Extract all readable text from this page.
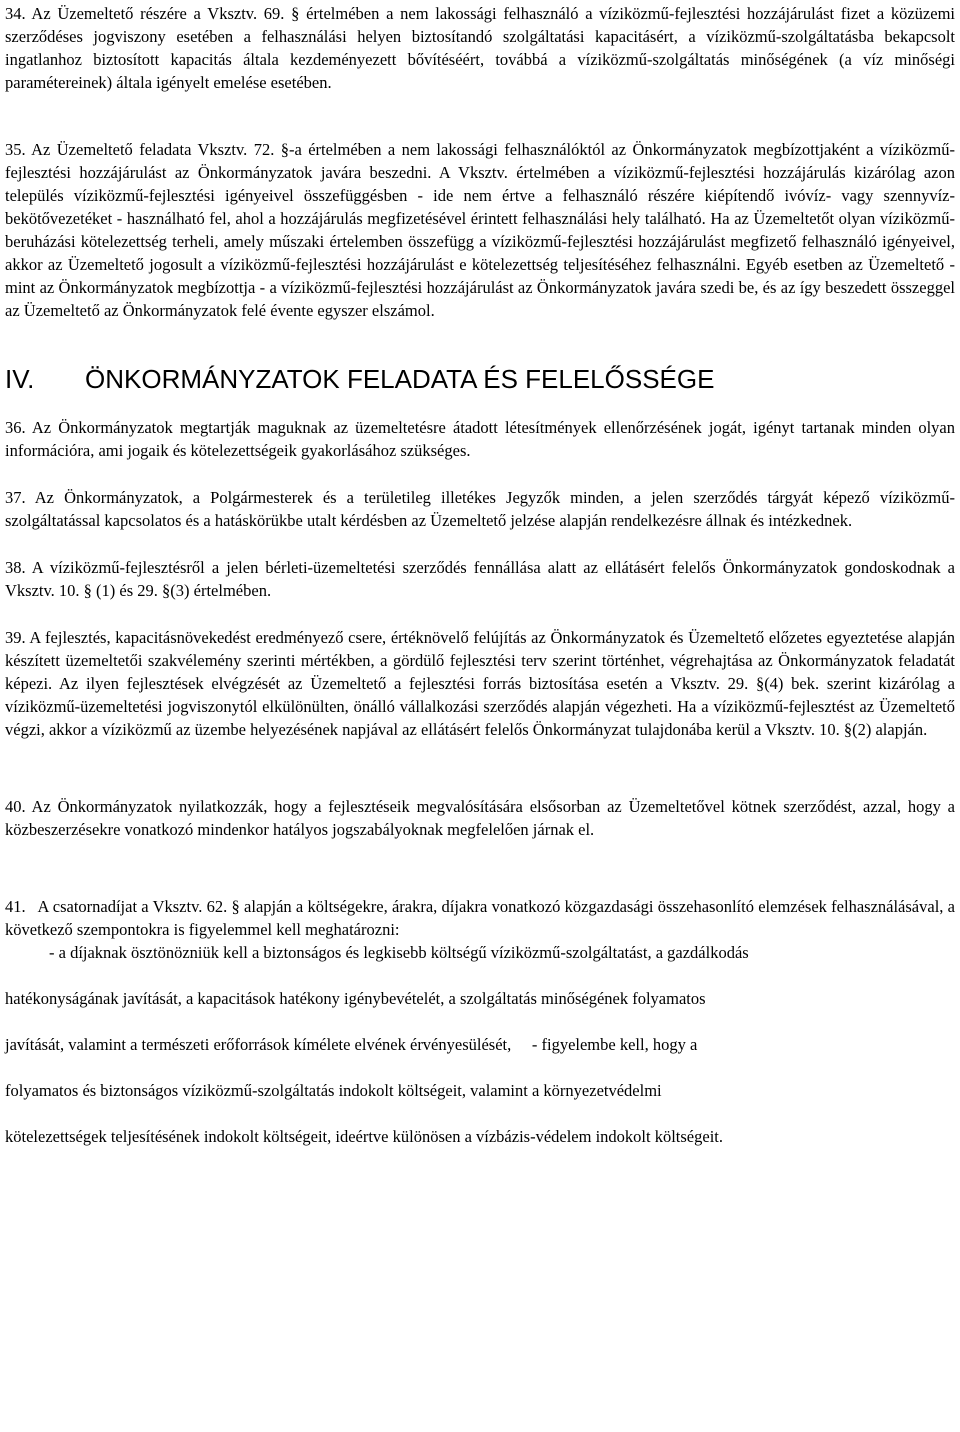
34. Az Üzemeltető részére a Vksztv. 69. § értelmében a nem lakossági felhasználó a víziközmű-fejlesztési hozzájárulást fizet a közüzemi szerződéses jogviszony esetében a felhasználási helyen biztosítandó szolgáltatási kapacitásért, a víziközmű-szolgáltatásba bekapcsolt ingatlanhoz biztosított kapacitás általa kezdeményezett bővítéséért, továbbá a víziközmű-szolgáltatás minőségének (a víz minőségi paramétereinek) általa igényelt emelése esetében.

35. Az Üzemeltető feladata Vksztv. 72. §-a értelmében a nem lakossági felhasználóktól az Önkormányzatok megbízottjaként a víziközmű-fejlesztési hozzájárulást az Önkormányzatok javára beszedni. A Vksztv. értelmében a víziközmű-fejlesztési hozzájárulás kizárólag azon település víziközmű-fejlesztési igényeivel összefüggésben - ide nem értve a felhasználó részére kiépítendő ivóvíz- vagy szennyvíz-bekötővezetéket - használható fel, ahol a hozzájárulás megfizetésével érintett felhasználási hely található. Ha az Üzemeltetőt olyan víziközmű-beruházási kötelezettség terheli, amely műszaki értelemben összefügg a víziközmű-fejlesztési hozzájárulást megfizető felhasználó igényeivel, akkor az Üzemeltető jogosult a víziközmű-fejlesztési hozzájárulást e kötelezettség teljesítéséhez felhasználni. Egyéb esetben az Üzemeltető - mint az Önkormányzatok megbízottja - a víziközmű-fejlesztési hozzájárulást az Önkormányzatok javára szedi be, és az így beszedett összeggel az Üzemeltető az Önkormányzatok felé évente egyszer elszámol.

IV.	ÖNKORMÁNYZATOK FELADATA ÉS FELELŐSSÉGE

36. Az Önkormányzatok megtartják maguknak az üzemeltetésre átadott létesítmények ellenőrzésének jogát, igényt tartanak minden olyan információra, ami jogaik és kötelezettségeik gyakorlásához szükséges.

37. Az Önkormányzatok, a Polgármesterek és a területileg illetékes Jegyzők minden, a jelen szerződés tárgyát képező víziközmű-szolgáltatással kapcsolatos és a hatáskörükbe utalt kérdésben az Üzemeltető jelzése alapján rendelkezésre állnak és intézkednek.

38. A víziközmű-fejlesztésről a jelen bérleti-üzemeltetési szerződés fennállása alatt az ellátásért felelős Önkormányzatok gondoskodnak a Vksztv. 10. § (1) és 29. §(3) értelmében.

39. A fejlesztés, kapacitásnövekedést eredményező csere, értéknövelő felújítás az Önkormányzatok és Üzemeltető előzetes egyeztetése alapján készített üzemeltetői szakvélemény szerinti mértékben, a gördülő fejlesztési terv szerint történhet, végrehajtása az Önkormányzatok feladatát képezi. Az ilyen fejlesztések elvégzését az Üzemeltető a fejlesztési forrás biztosítása esetén a Vksztv. 29. §(4) bek. szerint kizárólag a víziközmű-üzemeltetési jogviszonytól elkülönülten, önálló vállalkozási szerződés alapján végezheti. Ha a víziközmű-fejlesztést az Üzemeltető végzi, akkor a víziközmű az üzembe helyezésének napjával az ellátásért felelős Önkormányzat tulajdonába kerül a Vksztv. 10. §(2) alapján.

40. Az Önkormányzatok nyilatkozzák, hogy a fejlesztéseik megvalósítására elsősorban az Üzemeltetővel kötnek szerződést, azzal, hogy a közbeszerzésekre vonatkozó mindenkor hatályos jogszabályoknak megfelelően járnak el.

41.   A csatornadíjat a Vksztv. 62. § alapján a költségekre, árakra, díjakra vonatkozó közgazdasági összehasonlító elemzések felhasználásával, a következő szempontokra is figyelemmel kell meghatározni:

- a díjaknak ösztönözniük kell a biztonságos és legkisebb költségű víziközmű-szolgáltatást, a gazdálkodás

hatékonyságának javítását, a kapacitások hatékony igénybevételét, a szolgáltatás minőségének folyamatos

javítását, valamint a természeti erőforrások kímélete elvének érvényesülését,     - figyelembe kell, hogy a

folyamatos és biztonságos víziközmű-szolgáltatás indokolt költségeit, valamint a környezetvédelmi

kötelezettségek teljesítésének indokolt költségeit, ideértve különösen a vízbázis-védelem indokolt költségeit.
